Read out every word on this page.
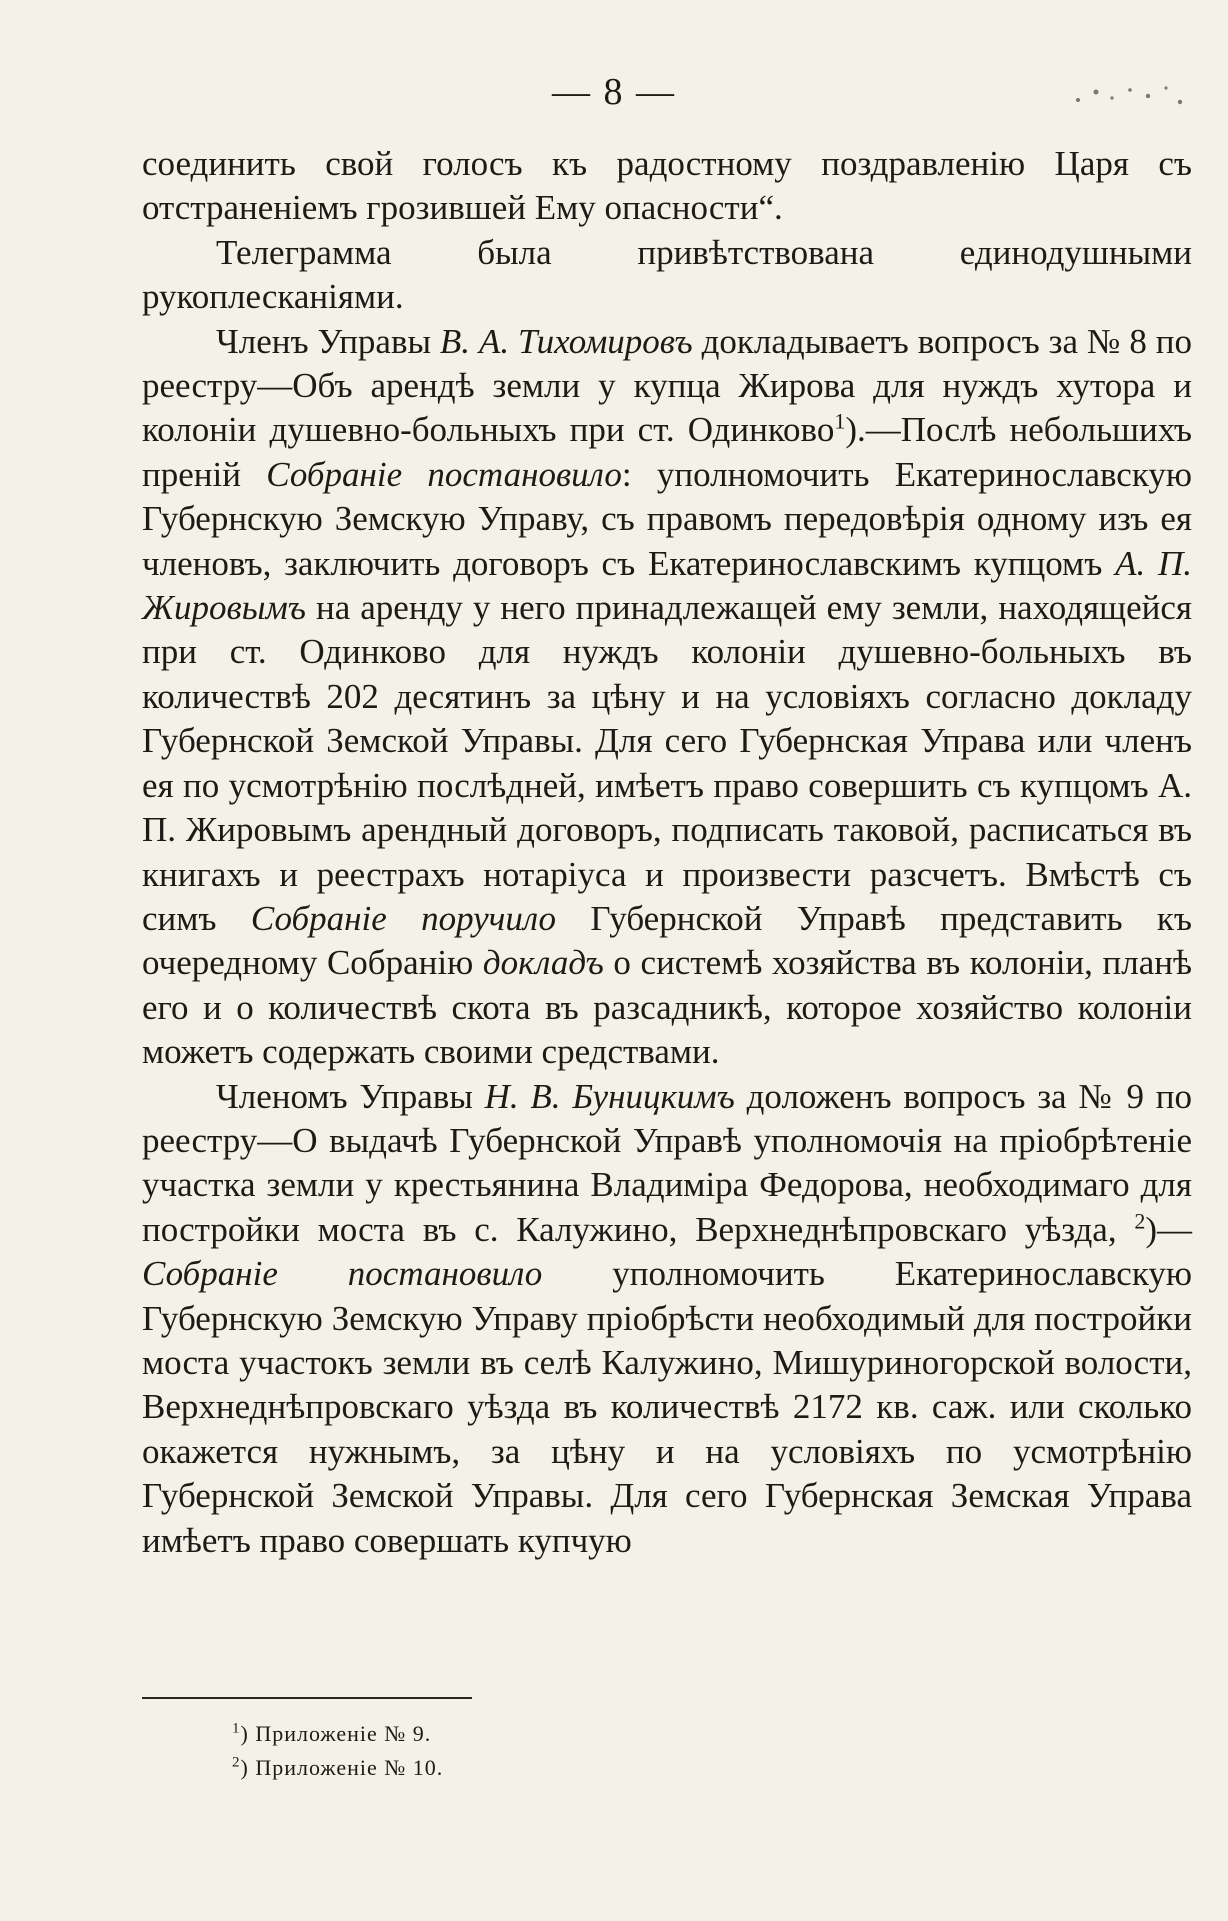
— 8 —

соединить свой голосъ къ радостному поздравленію Царя съ отстраненіемъ грозившей Ему опасности“.

Телеграмма была привѣтствована единодушными рукоплесканіями.

Членъ Управы В. А. Тихомировъ докладываетъ вопросъ за № 8 по реестру—Объ арендѣ земли у купца Жирова для нуждъ хутора и колоніи душевно-больныхъ при ст. Одинково$^1$).—Послѣ небольшихъ преній Собраніе постановило: уполномочить Екатеринославскую Губернскую Земскую Управу, съ правомъ передовѣрія одному изъ ея членовъ, заключить договоръ съ Екатеринославскимъ купцомъ А. П. Жировымъ на аренду у него принадлежащей ему земли, находящейся при ст. Одинково для нуждъ колоніи душевно-больныхъ въ количествѣ 202 десятинъ за цѣну и на условіяхъ согласно докладу Губернской Земской Управы. Для сего Губернская Управа или членъ ея по усмотрѣнію послѣдней, имѣетъ право совершить съ купцомъ А. П. Жировымъ арендный договоръ, подписать таковой, расписаться въ книгахъ и реестрахъ нотаріуса и произвести разсчетъ. Вмѣстѣ съ симъ Собраніе поручило Губернской Управѣ представить къ очередному Собранію докладъ о системѣ хозяйства въ колоніи, планѣ его и о количествѣ скота въ разсадникѣ, которое хозяйство колоніи можетъ содержать своими средствами.

Членомъ Управы Н. В. Буницкимъ доложенъ вопросъ за № 9 по реестру—О выдачѣ Губернской Управѣ уполномочія на пріобрѣтеніе участка земли у крестьянина Владиміра Федорова, необходимаго для постройки моста въ с. Калужино, Верхнеднѣпровскаго уѣзда, $^2$)—Собраніе постановило уполномочить Екатеринославскую Губернскую Земскую Управу пріобрѣсти необходимый для постройки моста участокъ земли въ селѣ Калужино, Мишуриногорской волости, Верхнеднѣпровскаго уѣзда въ количествѣ 2172 кв. саж. или сколько окажется нужнымъ, за цѣну и на условіяхъ по усмотрѣнію Губернской Земской Управы. Для сего Губернская Земская Управа имѣетъ право совершать купчую

$^1$) Приложеніе № 9.
$^2$) Приложеніе № 10.
